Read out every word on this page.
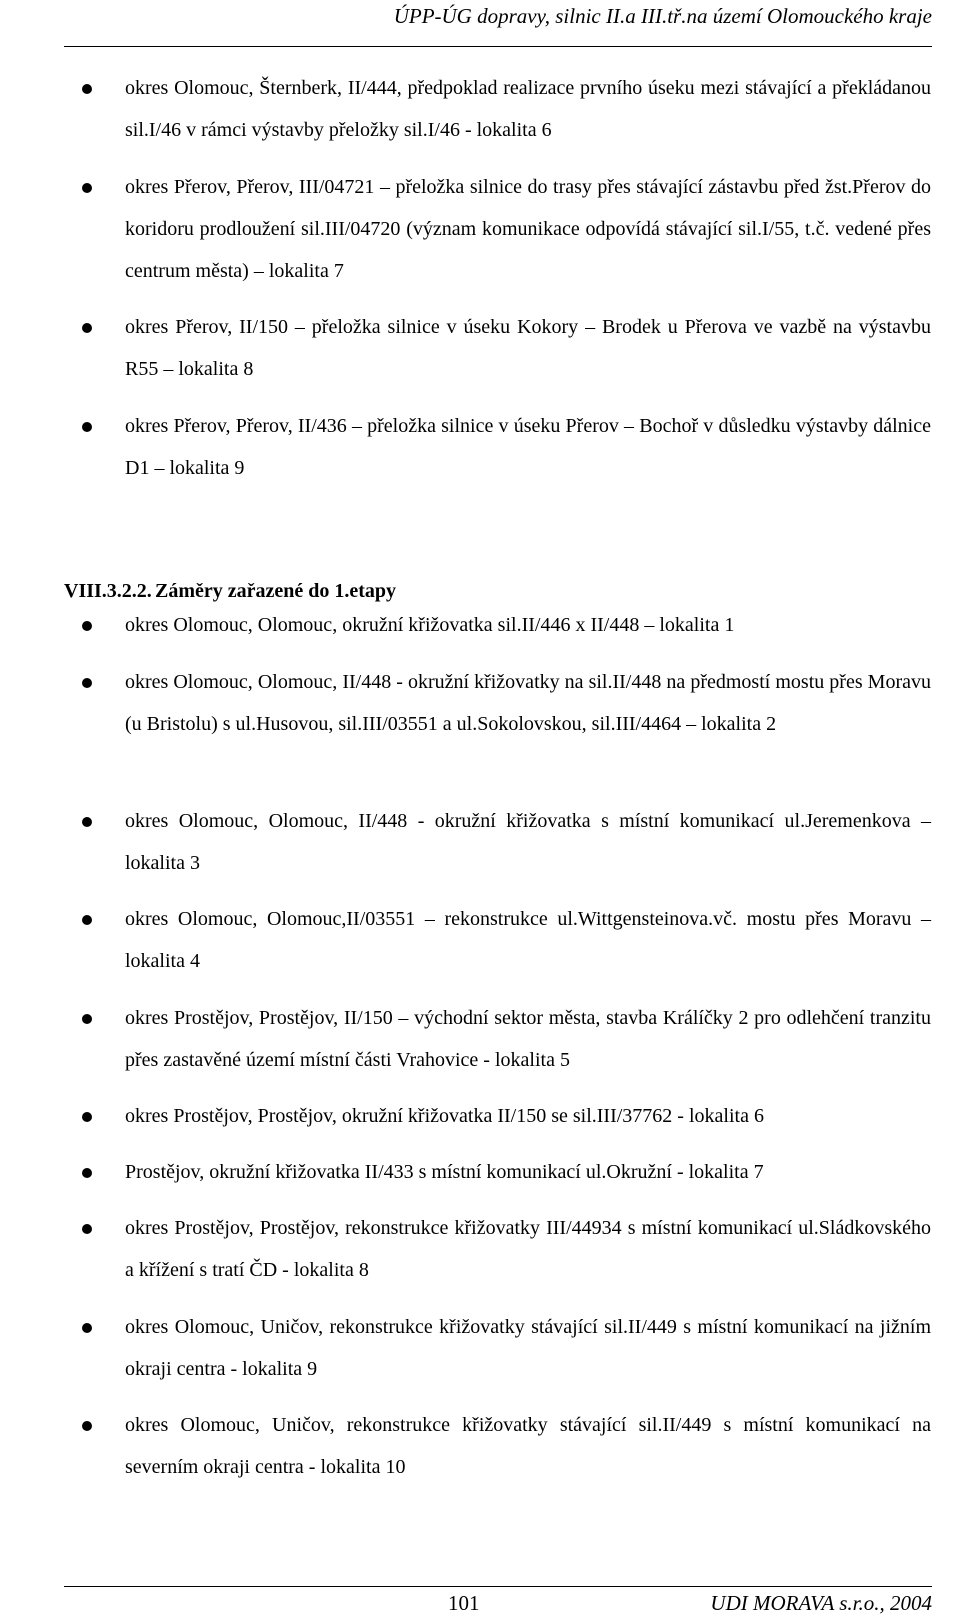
ÚPP-ÚG dopravy, silnic II.a III.tř.na území Olomouckého kraje

okres Olomouc, Šternberk, II/444, předpoklad realizace prvního úseku mezi stávající a překládanou sil.I/46 v rámci výstavby přeložky sil.I/46 - lokalita 6

okres Přerov, Přerov, III/04721 – přeložka silnice do trasy přes stávající zástavbu před žst.Přerov do koridoru prodloužení sil.III/04720 (význam komunikace odpovídá stávající sil.I/55, t.č. vedené přes centrum města) – lokalita 7

okres Přerov, II/150 – přeložka silnice v úseku Kokory – Brodek u Přerova ve vazbě na výstavbu R55 – lokalita 8

okres Přerov, Přerov, II/436 – přeložka silnice v úseku Přerov – Bochoř v důsledku výstavby dálnice D1 – lokalita 9

VIII.3.2.2. Záměry zařazené do 1.etapy

okres Olomouc, Olomouc, okružní křižovatka sil.II/446 x II/448 – lokalita 1

okres Olomouc, Olomouc, II/448 - okružní křižovatky na sil.II/448 na předmostí mostu přes Moravu (u Bristolu) s ul.Husovou, sil.III/03551 a ul.Sokolovskou, sil.III/4464 – lokalita 2

okres Olomouc, Olomouc, II/448 - okružní křižovatka s místní komunikací ul.Jeremenkova – lokalita 3

okres Olomouc, Olomouc,II/03551 – rekonstrukce ul.Wittgensteinova.vč. mostu přes Moravu – lokalita 4

okres Prostějov, Prostějov, II/150 – východní sektor města, stavba Králíčky 2 pro odlehčení tranzitu přes zastavěné území místní části Vrahovice - lokalita 5

okres Prostějov, Prostějov, okružní křižovatka II/150 se sil.III/37762 - lokalita 6

Prostějov, okružní křižovatka II/433 s místní komunikací ul.Okružní - lokalita 7

okres Prostějov, Prostějov, rekonstrukce křižovatky III/44934 s místní komunikací ul.Sládkovského a křížení s tratí ČD - lokalita 8

okres Olomouc, Uničov, rekonstrukce křižovatky stávající sil.II/449 s místní komunikací na jižním okraji centra - lokalita 9

okres Olomouc, Uničov, rekonstrukce křižovatky stávající sil.II/449 s místní komunikací na severním okraji centra - lokalita 10

101	UDI MORAVA s.r.o., 2004
